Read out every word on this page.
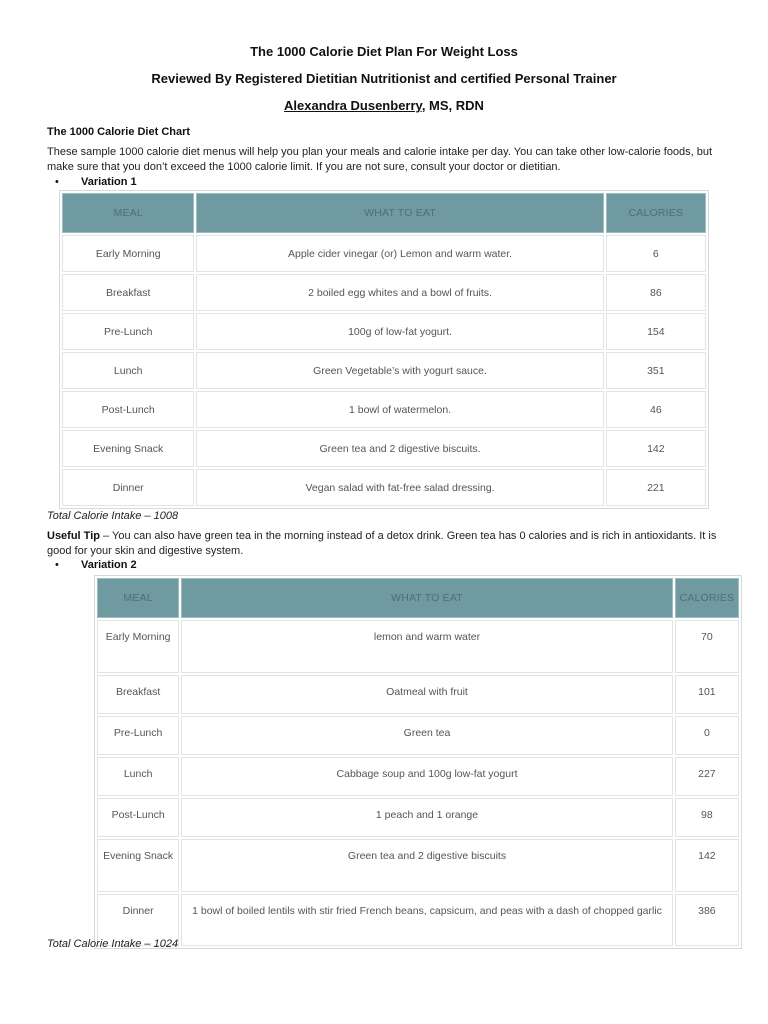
The 1000 Calorie Diet Plan For Weight Loss
Reviewed By Registered Dietitian Nutritionist and certified Personal Trainer
Alexandra Dusenberry, MS, RDN
The 1000 Calorie Diet Chart

These sample 1000 calorie diet menus will help you plan your meals and calorie intake per day. You can take other low-calorie foods, but make sure that you don’t exceed the 1000 calorie limit. If you are not sure, consult your doctor or dietitian.

• Variation 1
MEAL	WHAT TO EAT	CALORIES
Early Morning	Apple cider vinegar (or) Lemon and warm water.	6
Breakfast	2 boiled egg whites and a bowl of fruits.	86
Pre-Lunch	100g of low-fat yogurt.	154
Lunch	Green Vegetable’s with yogurt sauce.	351
Post-Lunch	1 bowl of watermelon.	46
Evening Snack	Green tea and 2 digestive biscuits.	142
Dinner	Vegan salad with fat-free salad dressing.	221
Total Calorie Intake – 1008

Useful Tip – You can also have green tea in the morning instead of a detox drink. Green tea has 0 calories and is rich in antioxidants. It is good for your skin and digestive system.

• Variation 2
MEAL	WHAT TO EAT	CALORIES
Early Morning	lemon and warm water	70
Breakfast	Oatmeal with fruit	101
Pre-Lunch	Green tea	0
Lunch	Cabbage soup and 100g low-fat yogurt	227
Post-Lunch	1 peach and 1 orange	98
Evening Snack	Green tea and 2 digestive biscuits	142
Dinner	1 bowl of boiled lentils with stir fried French beans, capsicum, and peas with a dash of chopped garlic	386
Total Calorie Intake – 1024
